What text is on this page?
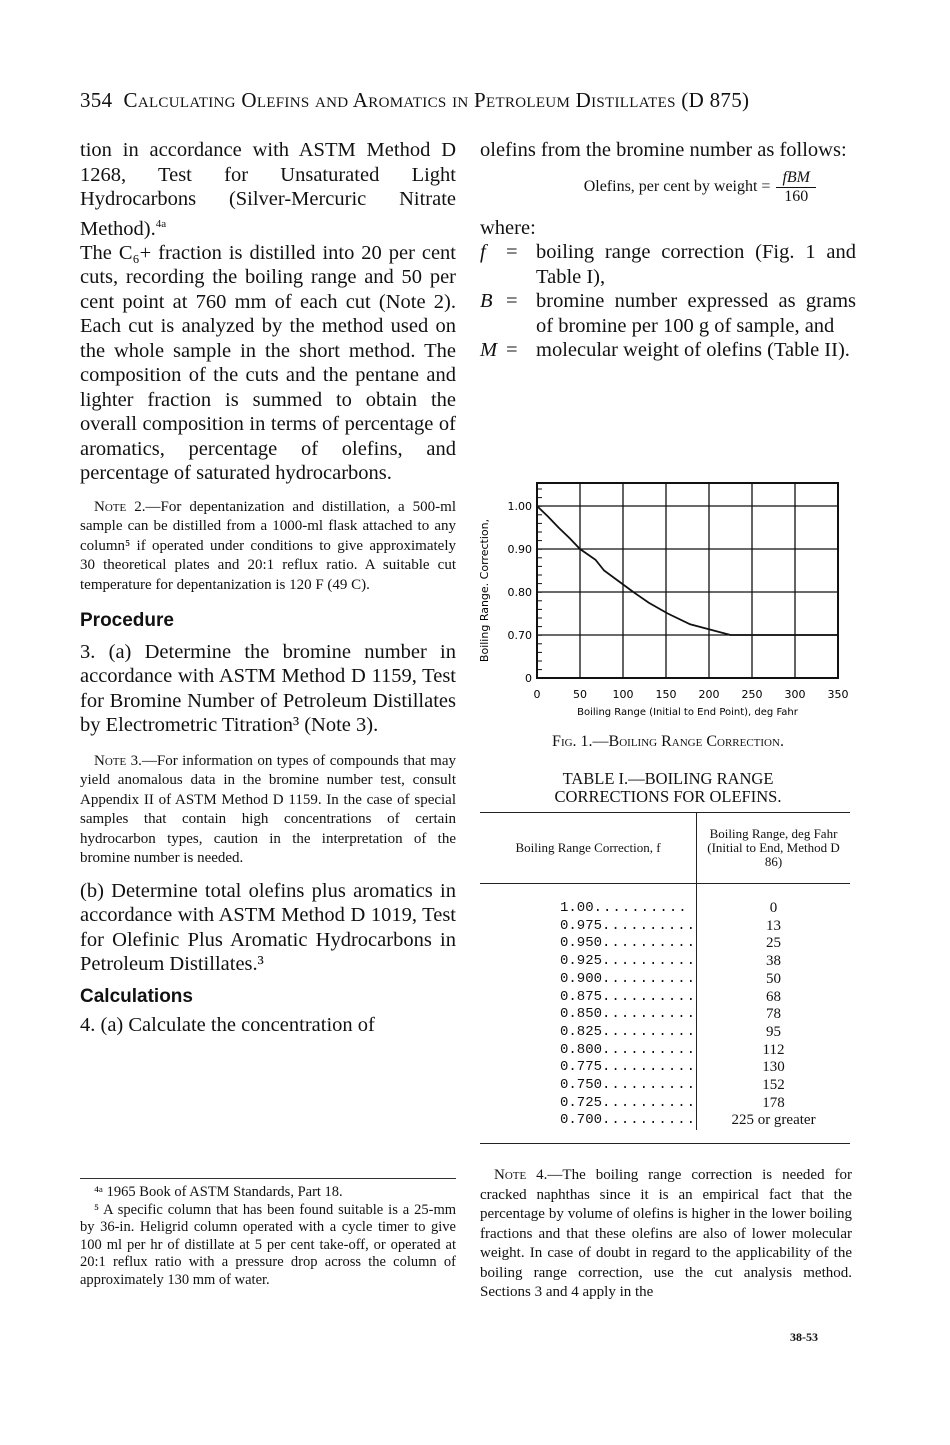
354 Calculating Olefins and Aromatics in Petroleum Distillates (D 875)

tion in accordance with ASTM Method D 1268, Test for Unsaturated Light Hydrocarbons (Silver-Mercuric Nitrate Method).$^{4a}$

The C₆+ fraction is distilled into 20 per cent cuts, recording the boiling range and 50 per cent point at 760 mm of each cut (Note 2). Each cut is analyzed by the method used on the whole sample in the short method. The composition of the cuts and the pentane and lighter fraction is summed to obtain the overall composition in terms of percentage of aromatics, percentage of olefins, and percentage of saturated hydrocarbons.

Note 2.—For depentanization and distillation, a 500-ml sample can be distilled from a 1000-ml flask attached to any column⁵ if operated under conditions to give approximately 30 theoretical plates and 20:1 reflux ratio. A suitable cut temperature for depentanization is 120 F (49 C).

Procedure

3. (a) Determine the bromine number in accordance with ASTM Method D 1159, Test for Bromine Number of Petroleum Distillates by Electrometric Titration³ (Note 3).

Note 3.—For information on types of compounds that may yield anomalous data in the bromine number test, consult Appendix II of ASTM Method D 1159. In the case of special samples that contain high concentrations of certain hydrocarbon types, caution in the interpretation of the bromine number is needed.

(b) Determine total olefins plus aromatics in accordance with ASTM Method D 1019, Test for Olefinic Plus Aromatic Hydrocarbons in Petroleum Distillates.³

Calculations

4. (a) Calculate the concentration of

⁴ᵃ 1965 Book of ASTM Standards, Part 18.

⁵ A specific column that has been found suitable is a 25-mm by 36-in. Heligrid column operated with a cycle timer to give 100 ml per hr of distillate at 5 per cent take-off, or operated at 20:1 reflux ratio with a pressure drop across the column of approximately 130 mm of water.

olefins from the bromine number as follows:

Olefins, per cent by weight =
fBM
160

where:

f = boiling range correction (Fig. 1 and Table I),
B = bromine number expressed as grams of bromine per 100 g of sample, and
M = molecular weight of olefins (Table II).
0	50 100 150 200 250 300 350
1.00
0.90
0.80
0.70
0
Boiling Range (Initial to End Point), deg Fahr
Boiling Range. Correction,
Fig. 1.—Boiling Range Correction.
TABLE I.—BOILING RANGE
CORRECTIONS FOR OLEFINS.
Boiling Range Correction, f	Boiling Range, deg Fahr (Initial to End, Method D 86)
1.00..........	0
0.975..........	13
0.950..........	25
0.925..........	38
0.900..........	50
0.875..........	68
0.850..........	78
0.825..........	95
0.800..........	112
0.775..........	130
0.750..........	152
0.725..........	178
0.700..........	225 or greater

Note 4.—The boiling range correction is needed for cracked naphthas since it is an empirical fact that the percentage by volume of olefins is higher in the lower boiling fractions and that these olefins are also of lower molecular weight. In case of doubt in regard to the applicability of the boiling range correction, use the cut analysis method. Sections 3 and 4 apply in the

38-53
